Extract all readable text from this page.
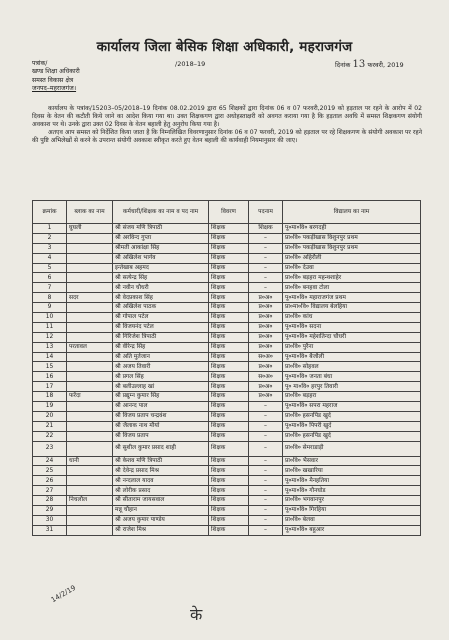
कार्यालय जिला बेसिक शिक्षा अधिकारी, महराजगंज
पत्रांक/
खण्ड शिक्षा अधिकारी
समस्त विकास क्षेत्र
जनपद–महराजगंज।
/2018–19	दिनांक 13 फरवरी, 2019

कार्यालय के पत्रांक/15203–05/2018–19 दिनांक 08.02.2019 द्वारा 65 शिक्षकों द्वारा दिनांक 06 व 07 फरवरी,2019 को हड़ताल पर रहने के आरोप में 02 दिवस के वेतन की कटौती किये जाने का आदेश किया गया था। उक्त शिक्षकगण द्वारा अधोहस्ताक्षरी को अवगत कराया गया है कि हड़ताल अवधि में समस्त शिक्षकगण संयोगी अवकाश पर थे। उनके द्वारा उक्त 02 दिवस के वेतन बहाली हेतु अनुरोध किया गया है।

अतएव आप समस्त को निर्देशित किया जाता है कि निम्नलिखित विवरणानुसार दिनांक 06 व 07 फरवरी, 2019 को हड़ताल पर रहे शिक्षकगण के संयोगी अवकाश पर रहने की पुष्टि अभिलेखों से करने के उपरान्त संयोगी अवकाश स्वीकृत करते हुए वेतन बहाली की कार्यवाही नियमानुसार की जाए।

क्रमांक	ब्लाक का नाम	कर्मचारी/शिक्षक का नाम व पद नाम	विवरण	पदनाम	विद्यालय का नाम
1	घुघली	श्री संजय मणि त्रिपाठी	शिक्षक	शिक्षक	पू०मा०वि० बरगदही
2		श्री अरविन्द गुप्ता	शिक्षक	–	प्रा०वि० पकड़ीखास विशुनपुर प्रथम
3		श्रीमती आकांक्षा सिंह	शिक्षक	–	प्रा०वि० पकड़ीखास विशुनपुर प्रथम
4		श्री अखिलेश भार्गव	शिक्षक	–	प्रा०वि० अहिरौली
5		इन्तेखाब अहमद	शिक्षक	–	प्रा०वि० देउवा
6		श्री सत्येन्द्र सिंह	शिक्षक	–	प्रा०वि० बड़हरा महन्थशाहेर
7		श्री नवीन चौधरी	शिक्षक	–	प्रा०वि० बनहवा टोला
8	सदर	श्री वेदप्रकाश सिंह	शिक्षक	प्र०अ०	पू०मा०वि० महाराजगंज प्रथम
9		श्री अखिलेश पाठक	शिक्षक	प्र०अ०	प्रा०मा०वि० विद्यालय बेलहिया
10		श्री गोपाल पटेल	शिक्षक	प्र०अ०	प्रा०वि० कांध
11		श्री विजयनंद पटेल	शिक्षक	प्र०अ०	पू०मा०वि० सदना
12		श्री गिरिजेश त्रिपाठी	शिक्षक	प्र०अ०	पू०मा०वि० महेशतिन्दा चौधरी
13	परतावल	श्री वीरेन्द्र सिंह	शिक्षक	प्र०अ०	प्रा०वि० पुरैना
14		श्री अति मुर्तजान	शिक्षक	स०अ०	पू०मा०वि० बैजौली
15		श्री अजय तिवारी	शिक्षक	प्र०अ०	प्रा०वि० सोहवल
16		श्री प्रगल सिंह	शिक्षक	स०अ०	पू०मा०वि० जनता बंधा
17		श्री बलीउल्लाह खां	शिक्षक	प्र०अ०	पू० मा०वि० हरपुर तिवारी
18	फरेंदा	श्री प्रद्युम्न कुमार सिंह	शिक्षक	प्र०अ०	प्रा०वि० बड़हरा
19		श्री आनन्द पाल	शिक्षक	–	पू०मा०वि० सपरा महराज
20		श्री विजय प्रताप चन्द्रवंश	शिक्षक	–	प्रा०वि० हसनपिंड खुर्द
21		श्री जैलाक नाथ मौर्या	शिक्षक	–	पू०मा०वि० पिपरी खुर्द
22		श्री विजय प्रताप	शिक्षक	–	प्रा०वि० हसनपिंड खुर्द
23		श्री सुशील कुमार प्रसाद शाही	शिक्षक	–	प्रा०वि० सेमराडाड़ी
24	धानी	श्री केशव मणि त्रिपाठी	शिक्षक	–	प्रा०वि० भैसवार
25		श्री देवेन्द्र प्रसाद मिश्र	शिक्षक	–	प्रा०वि० खखारिया
26		श्री नन्दलाल यादव	शिक्षक	–	पू०मा०वि० मैनहतिया
27		श्री लोरीक प्रसाद	शिक्षक	–	पू०मा०वि० गौनघोड
28	निचलौल	श्री सीताराम जायसवाल	शिक्षक	–	प्रा०वि० भगवानपुर
29		मन्नू चौहान	शिक्षक	–	पू०मा०वि० गिरहिया
30		श्री अजय कुमार पाण्डेय	शिक्षक	–	प्रा०वि० बेलवा
31		श्री राजेश मिश्र	शिक्षक	–	पू०मा०वि० बहुआर
14/2/19
के
